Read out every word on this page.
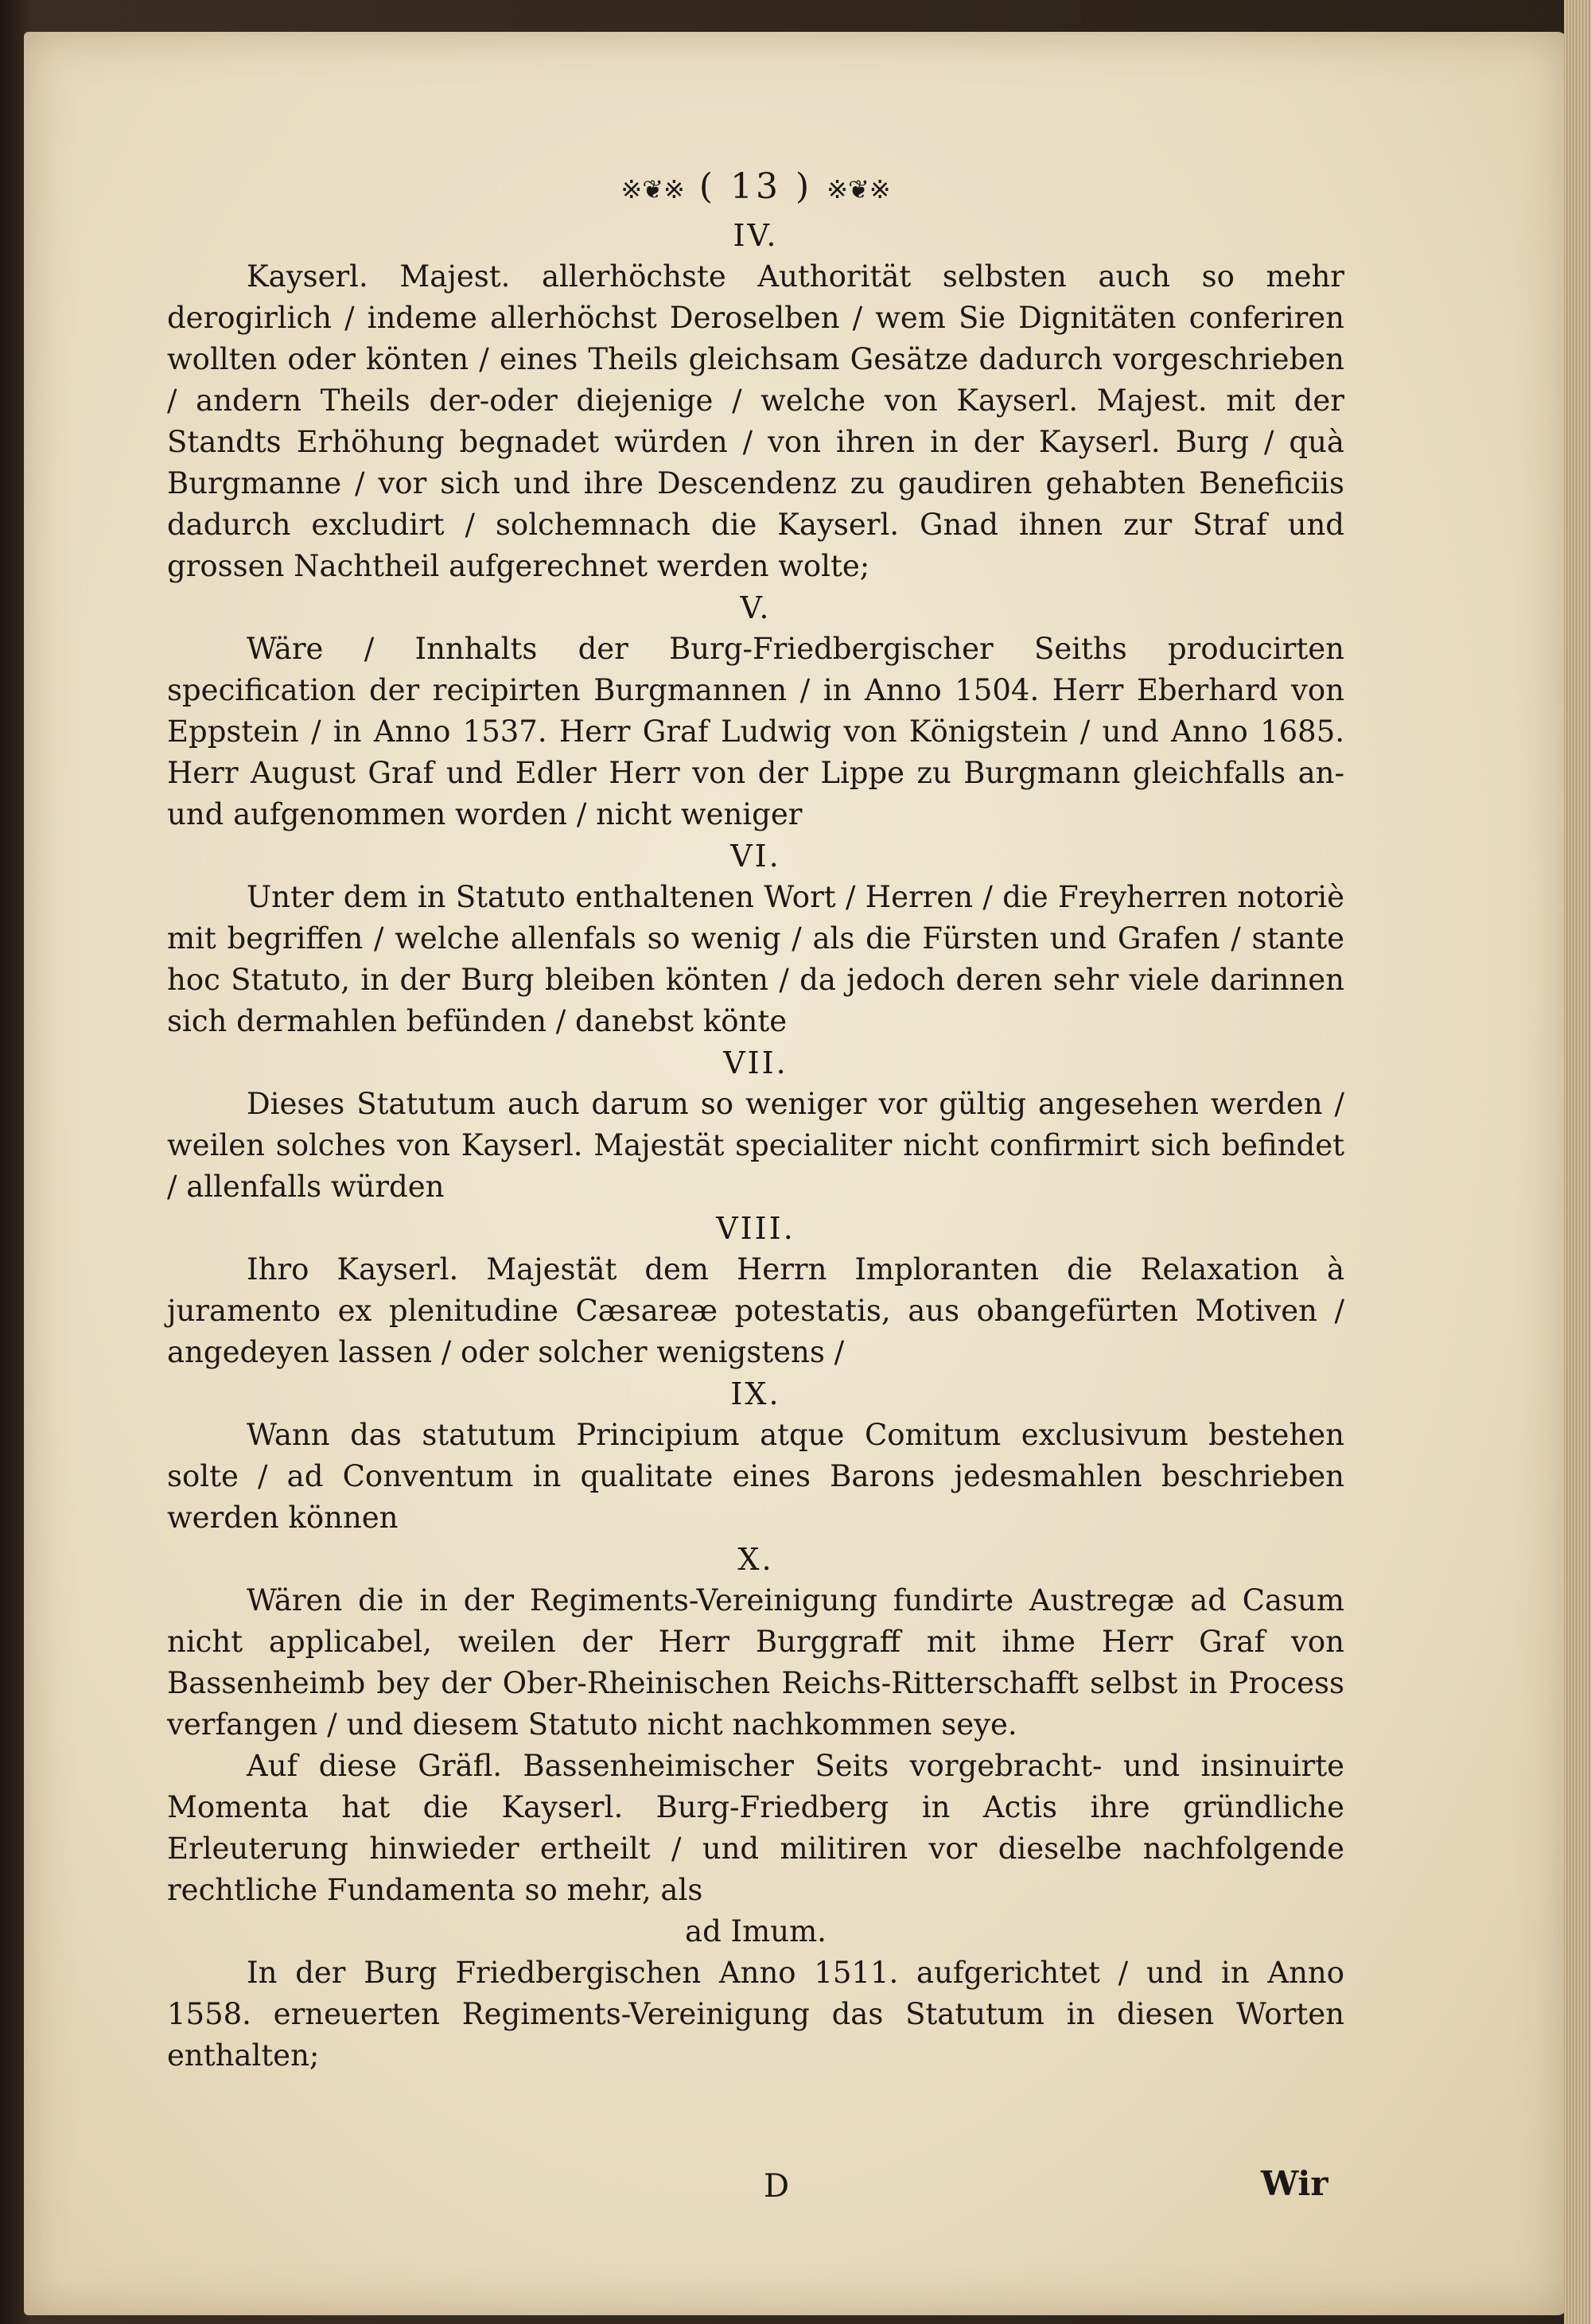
※❦※ ( 13 ) ※❦※
IV.

Kayserl. Majest. allerhöchste Authorität selbsten auch so mehr derogirlich / indeme allerhöchst Deroselben / wem Sie Dignitäten conferiren wollten oder könten / eines Theils gleichsam Gesätze dadurch vorgeschrieben / andern Theils der-oder diejenige / welche von Kayserl. Majest. mit der Standts Erhöhung begnadet würden / von ihren in der Kayserl. Burg / quà Burgmanne / vor sich und ihre Descendenz zu gaudiren gehabten Beneficiis dadurch excludirt / solchemnach die Kayserl. Gnad ihnen zur Straf und grossen Nachtheil aufgerechnet werden wolte;

V.

Wäre / Innhalts der Burg-Friedbergischer Seiths producirten specification der recipirten Burgmannen / in Anno 1504. Herr Eberhard von Eppstein / in Anno 1537. Herr Graf Ludwig von Königstein / und Anno 1685. Herr August Graf und Edler Herr von der Lippe zu Burgmann gleichfalls an- und aufgenommen worden / nicht weniger

VI.

Unter dem in Statuto enthaltenen Wort / Herren / die Freyherren notoriè mit begriffen / welche allenfals so wenig / als die Fürsten und Grafen / stante hoc Statuto, in der Burg bleiben könten / da jedoch deren sehr viele darinnen sich dermahlen befünden / danebst könte

VII.

Dieses Statutum auch darum so weniger vor gültig angesehen werden / weilen solches von Kayserl. Majestät specialiter nicht confirmirt sich befindet / allenfalls würden

VIII.

Ihro Kayserl. Majestät dem Herrn Imploranten die Relaxation à juramento ex plenitudine Cæsareæ potestatis, aus obangefürten Motiven / angedeyen lassen / oder solcher wenigstens /

IX.

Wann das statutum Principium atque Comitum exclusivum bestehen solte / ad Conventum in qualitate eines Barons jedesmahlen beschrieben werden können

X.

Wären die in der Regiments-Vereinigung fundirte Austregæ ad Casum nicht applicabel, weilen der Herr Burggraff mit ihme Herr Graf von Bassenheimb bey der Ober-Rheinischen Reichs-Ritterschafft selbst in Process verfangen / und diesem Statuto nicht nachkommen seye.

Auf diese Gräfl. Bassenheimischer Seits vorgebracht- und insinuirte Momenta hat die Kayserl. Burg-Friedberg in Actis ihre gründliche Erleuterung hinwieder ertheilt / und militiren vor dieselbe nachfolgende rechtliche Fundamenta so mehr, als

ad Imum.

In der Burg Friedbergischen Anno 1511. aufgerichtet / und in Anno 1558. erneuerten Regiments-Vereinigung das Statutum in diesen Worten enthalten;

D	Wir
